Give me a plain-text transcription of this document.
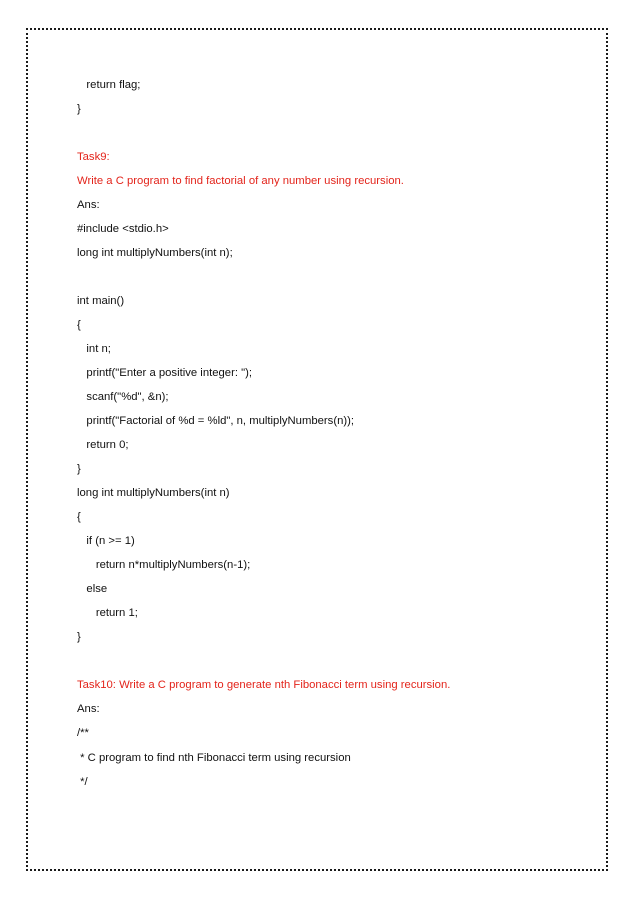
return flag;
}
Task9:
Write a C program to find factorial of any number using recursion.
Ans:
#include <stdio.h>
long int multiplyNumbers(int n);
int main()
{
int n;
printf("Enter a positive integer: ");
scanf("%d", &n);
printf("Factorial of %d = %ld", n, multiplyNumbers(n));
return 0;
}
long int multiplyNumbers(int n)
{
if (n >= 1)
return n*multiplyNumbers(n-1);
else
return 1;
}
Task10: Write a C program to generate nth Fibonacci term using recursion.
Ans:
/**
* C program to find nth Fibonacci term using recursion
*/
